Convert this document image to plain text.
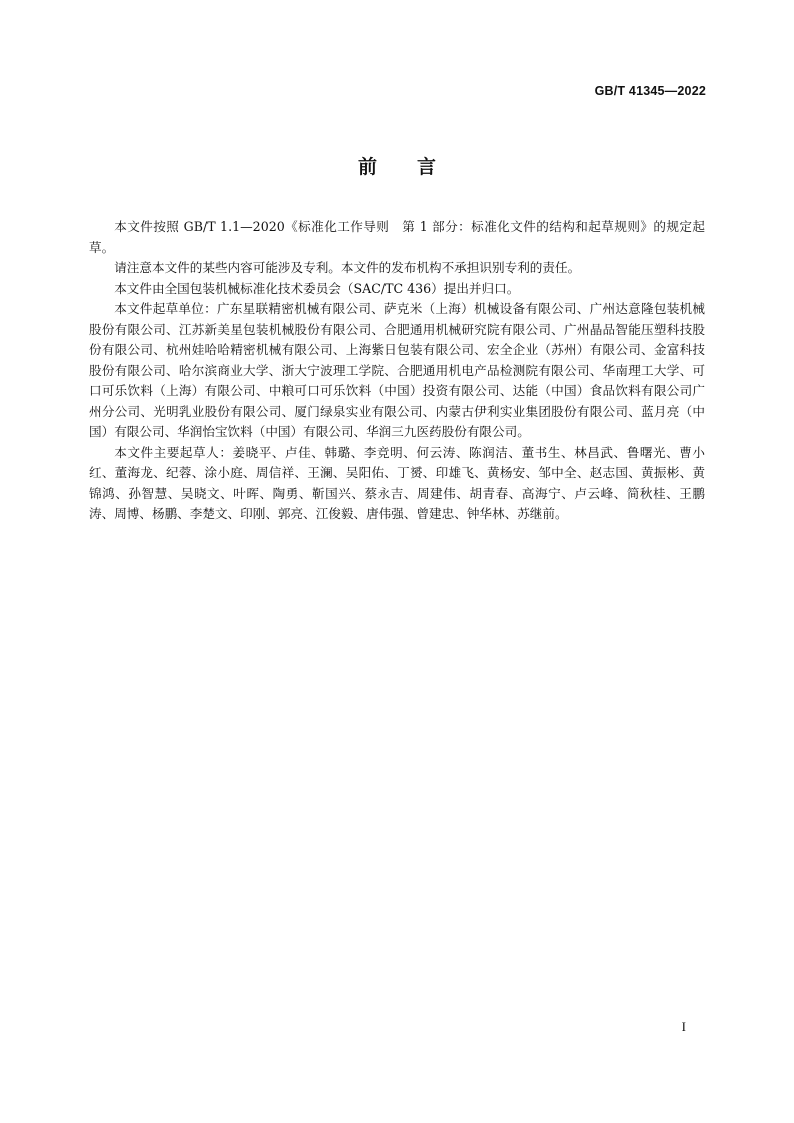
GB/T 41345—2022
前言

本文件按照 GB/T 1.1—2020《标准化工作导则　第 1 部分：标准化文件的结构和起草规则》的规定起草。

请注意本文件的某些内容可能涉及专利。本文件的发布机构不承担识别专利的责任。

本文件由全国包装机械标准化技术委员会（SAC/TC 436）提出并归口。

本文件起草单位：广东星联精密机械有限公司、萨克米（上海）机械设备有限公司、广州达意隆包装机械股份有限公司、江苏新美星包装机械股份有限公司、合肥通用机械研究院有限公司、广州晶品智能压塑科技股份有限公司、杭州娃哈哈精密机械有限公司、上海紫日包装有限公司、宏全企业（苏州）有限公司、金富科技股份有限公司、哈尔滨商业大学、浙大宁波理工学院、合肥通用机电产品检测院有限公司、华南理工大学、可口可乐饮料（上海）有限公司、中粮可口可乐饮料（中国）投资有限公司、达能（中国）食品饮料有限公司广州分公司、光明乳业股份有限公司、厦门绿泉实业有限公司、内蒙古伊利实业集团股份有限公司、蓝月亮（中国）有限公司、华润怡宝饮料（中国）有限公司、华润三九医药股份有限公司。

本文件主要起草人：姜晓平、卢佳、韩璐、李竞明、何云涛、陈润洁、董书生、林昌武、鲁曙光、曹小红、董海龙、纪蓉、涂小庭、周信祥、王澜、吴阳佑、丁赟、印雄飞、黄杨安、邹中全、赵志国、黄振彬、黄锦鸿、孙智慧、吴晓文、叶晖、陶勇、靳国兴、蔡永吉、周建伟、胡青春、高海宁、卢云峰、简秋桂、王鹏涛、周博、杨鹏、李楚文、印刚、郭亮、江俊毅、唐伟强、曾建忠、钟华林、苏继前。

I
